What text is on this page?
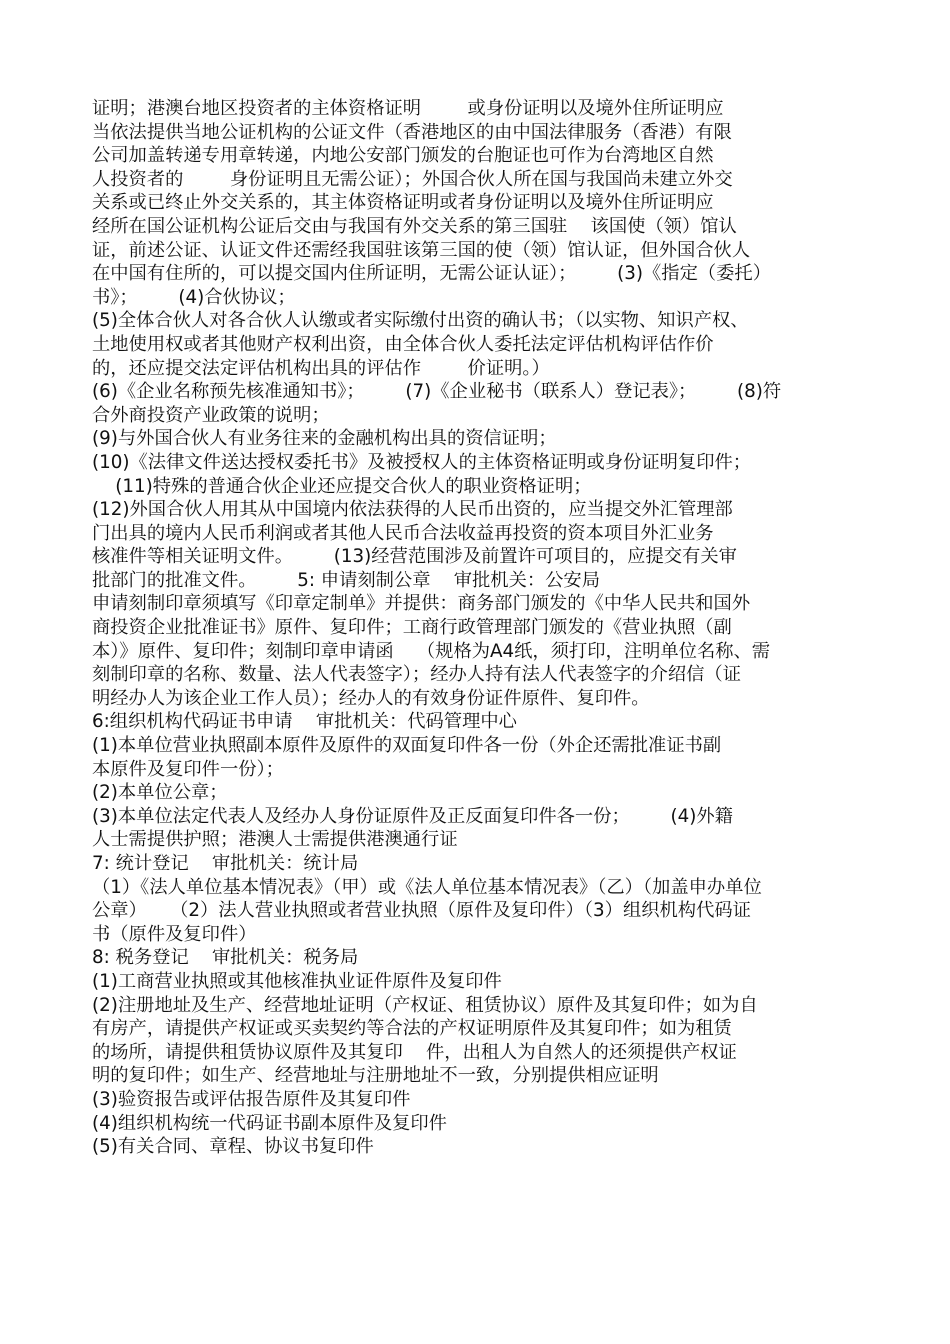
证明；港澳台地区投资者的主体资格证明        或身份证明以及境外住所证明应
当依法提供当地公证机构的公证文件（香港地区的由中国法律服务（香港）有限
公司加盖转递专用章转递，内地公安部门颁发的台胞证也可作为台湾地区自然
人投资者的        身份证明且无需公证）；外国合伙人所在国与我国尚未建立外交
关系或已终止外交关系的，其主体资格证明或者身份证明以及境外住所证明应
经所在国公证机构公证后交由与我国有外交关系的第三国驻    该国使（领）馆认
证，前述公证、认证文件还需经我国驻该第三国的使（领）馆认证，但外国合伙人
在中国有住所的，可以提交国内住所证明，无需公证认证）；       (3)《指定（委托）
书》；       (4)合伙协议；
(5)全体合伙人对各合伙人认缴或者实际缴付出资的确认书；（以实物、知识产权、
土地使用权或者其他财产权利出资，由全体合伙人委托法定评估机构评估作价
的，还应提交法定评估机构出具的评估作        价证明。）
(6)《企业名称预先核准通知书》；       (7)《企业秘书（联系人）登记表》；       (8)符
合外商投资产业政策的说明；
(9)与外国合伙人有业务往来的金融机构出具的资信证明；
(10)《法律文件送达授权委托书》及被授权人的主体资格证明或身份证明复印件；
(11)特殊的普通合伙企业还应提交合伙人的职业资格证明；
(12)外国合伙人用其从中国境内依法获得的人民币出资的，应当提交外汇管理部
门出具的境内人民币利润或者其他人民币合法收益再投资的资本项目外汇业务
核准件等相关证明文件。       (13)经营范围涉及前置许可项目的，应提交有关审
批部门的批准文件。       5: 申请刻制公章    审批机关：公安局
申请刻制印章须填写《印章定制单》并提供：商务部门颁发的《中华人民共和国外
商投资企业批准证书》原件、复印件；工商行政管理部门颁发的《营业执照（副
本）》原件、复印件；刻制印章申请函    （规格为A4纸，须打印，注明单位名称、需
刻制印章的名称、数量、法人代表签字）；经办人持有法人代表签字的介绍信（证
明经办人为该企业工作人员）；经办人的有效身份证件原件、复印件。
6:组织机构代码证书申请    审批机关：代码管理中心
(1)本单位营业执照副本原件及原件的双面复印件各一份（外企还需批准证书副
本原件及复印件一份）；
(2)本单位公章；
(3)本单位法定代表人及经办人身份证原件及正反面复印件各一份；       (4)外籍
人士需提供护照；港澳人士需提供港澳通行证
7: 统计登记    审批机关：统计局
（1）《法人单位基本情况表》（甲）或《法人单位基本情况表》（乙）（加盖申办单位
公章）    （2）法人营业执照或者营业执照（原件及复印件）（3）组织机构代码证
书（原件及复印件）
8: 税务登记    审批机关：税务局
(1)工商营业执照或其他核准执业证件原件及复印件
(2)注册地址及生产、经营地址证明（产权证、租赁协议）原件及其复印件；如为自
有房产，请提供产权证或买卖契约等合法的产权证明原件及其复印件；如为租赁
的场所，请提供租赁协议原件及其复印    件，出租人为自然人的还须提供产权证
明的复印件；如生产、经营地址与注册地址不一致，分别提供相应证明
(3)验资报告或评估报告原件及其复印件
(4)组织机构统一代码证书副本原件及复印件
(5)有关合同、章程、协议书复印件
